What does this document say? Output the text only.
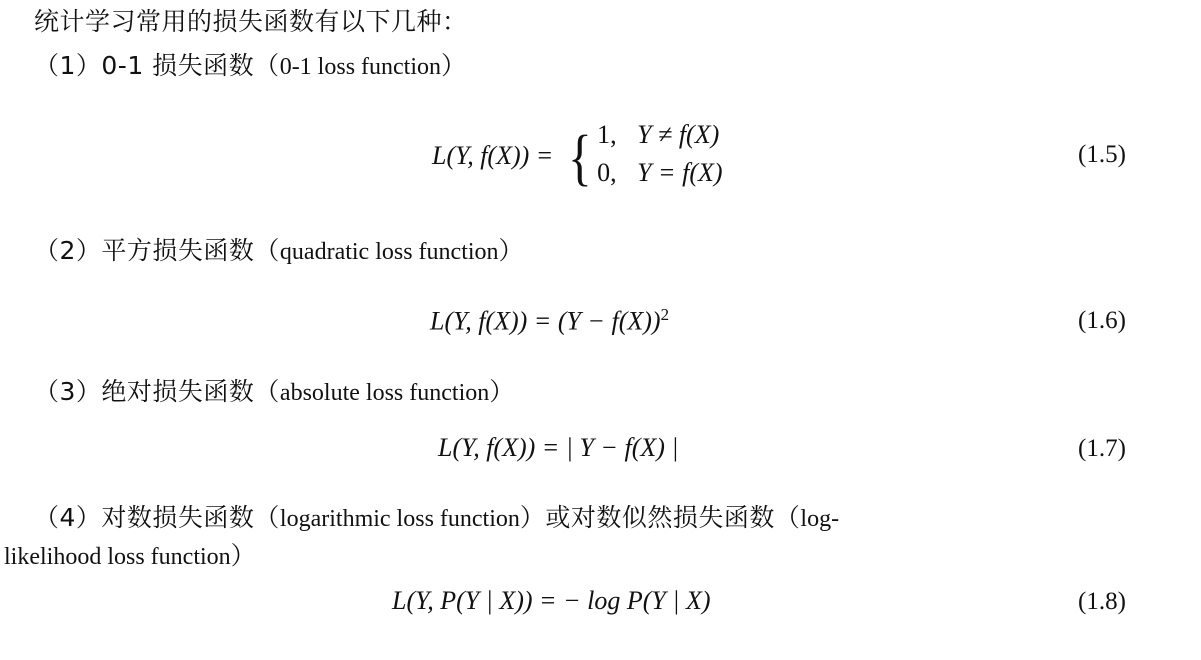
统计学习常用的损失函数有以下几种：
（1）0-1 损失函数（0-1 loss function）
L(Y, f(X)) = { 1, Y ≠ f(X)
0, Y = f(X)
(1.5)
（2）平方损失函数（quadratic loss function）
L(Y, $f(X)) = (Y - f(X))^2$	(1.6)
（3）绝对损失函数（absolute loss function）
L(Y, f(X)) = | Y − f(X) |	(1.7)
（4）对数损失函数（logarithmic loss function）或对数似然损失函数（log-
likelihood loss function）
L(Y, P(Y | X)) = − log P(Y | X)	(1.8)
